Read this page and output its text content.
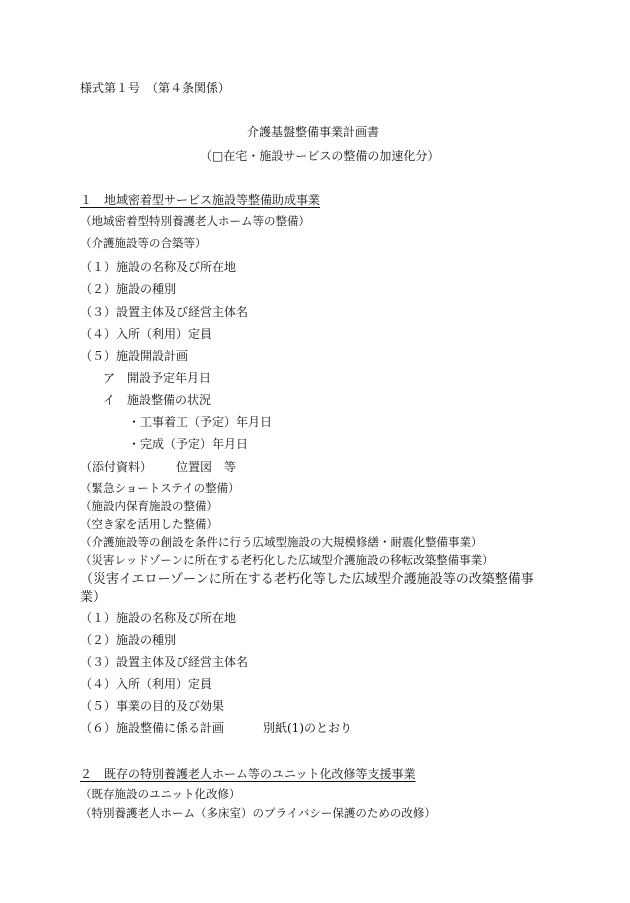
様式第１号　（第４条関係）
介護基盤整備事業計画書
（□在宅・施設サービスの整備の加速化分）
１　地域密着型サービス施設等整備助成事業
（地域密着型特別養護老人ホーム等の整備）
（介護施設等の合築等）
（１）施設の名称及び所在地
（２）施設の種別
（３）設置主体及び経営主体名
（４）入所（利用）定員
（５）施設開設計画
ア　開設予定年月日
イ　施設整備の状況
・工事着工（予定）年月日
・完成（予定）年月日
（添付資料） 位置図　等
（緊急ショートステイの整備）
（施設内保育施設の整備）
（空き家を活用した整備）
（介護施設等の創設を条件に行う広域型施設の大規模修繕・耐震化整備事業）
（災害レッドゾーンに所在する老朽化した広域型介護施設の移転改築整備事業）
（災害イエローゾーンに所在する老朽化等した広域型介護施設等の改築整備事
業）
（１）施設の名称及び所在地
（２）施設の種別
（３）設置主体及び経営主体名
（４）入所（利用）定員
（５）事業の目的及び効果
（６）施設整備に係る計画	別紙(1)のとおり
２　既存の特別養護老人ホーム等のユニット化改修等支援事業
（既存施設のユニット化改修）
（特別養護老人ホーム（多床室）のプライバシー保護のための改修）
